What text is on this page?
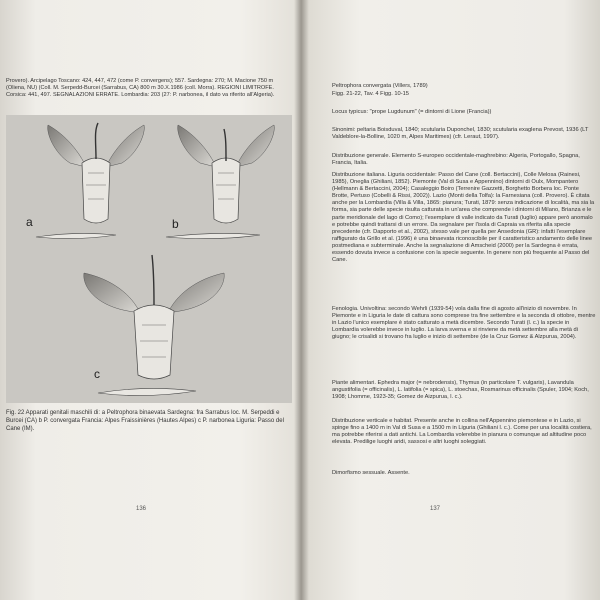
Provero). Arcipelago Toscano: 424, 447, 472 (come P. convergens); 557. Sardegna: 270; M. Macione 750 m (Oliena, NU) (Coll. M. Serpedd-Burcei (Sarrabus, CA) 800 m 30.X.1986 (coll. Morra). REGIONI LIMITROFE. Corsica: 441, 497. SEGNALAZIONI ERRATE. Lombardia: 203 (27: P. narbonea, il dato va riferito all'Algeria).
a	b
c
Fig. 22 Apparati genitali maschili di: a Peltrophora binaevata Sardegna: fra Sarrabus loc. M. Serpeddi e Burcei (CA) b P. convergata Francia: Alpes Fraissinières (Hautes Alpes) c P. narbonea Liguria: Passo del Cane (IM).
136
Peltrophora convergata (Villers, 1789)
Figg. 21-22, Tav. 4 Figg. 10-15
Locus typicus: "prope Lugdunum" (= dintorni di Lione (Francia))
Sinonimi: peltaria Boisduval, 1840; scutularia Duponchel, 1830; scutularia exaglena Prevost, 1936 (LT Valdeblore-la-Bolline, 1020 m, Alpes Maritimes) (cfr. Leraut, 1997).
Distribuzione generale. Elemento S-europeo occidentale-maghrebino: Algeria, Portogallo, Spagna, Francia, Italia.
Distribuzione italiana. Liguria occidentale: Passo del Cane (coll. Bertaccini), Colle Melosa (Rainesi, 1985), Oneglia (Ghiliani, 1852). Piemonte (Val di Susa e Appennino) dintorni di Oulx, Mompantero (Hellmann & Bertaccini, 2004); Casaleggio Boiro (Terrenire Gazzetti, Borghetto Borbera loc. Ponte Brotte, Pertuso (Cobelli & Rissi, 2002)). Lazio (Monti della Tolfa): la Farnesiana (coll. Provero). È citata anche per la Lombardia (Villa & Villa, 1865: pianura; Turati, 1879: senza indicazione di località, ma sia la forma, sia parte delle specie risulta catturata in un'area che comprende i dintorni di Milano, Brianza e le parte meridionale del lago di Como); l'esemplare di valle indicato da Turati (luglio) appare però anomalo e potrebbe quindi trattarsi di un errore. Da segnalare per l'isola di Capraia va riferita alla specie precedente (cfr. Dapporto et al., 2002), stesso vale per quella per Ansedonia (GR): infatti l'esemplare raffigurato da Grillo et al. (1996) è una binaevata riconoscibile per il caratteristico andamento delle linee postmediana e subterminale. Anche la segnalazione di Amscheid (2000) per la Sardegna è errata, essendo dovuta invece a confusione con la specie seguente. In genere non più frequente al Passo del Cane.
Fenologia. Univoltina: secondo Wehrli (1939-54) vola dalla fine di agosto all'inizio di novembre. In Piemonte e in Liguria le date di cattura sono comprese tra fine settembre e la seconda di ottobre, mentre in Lazio l'unico esemplare è stato catturato a metà dicembre. Secondo Turati (l. c.) la specie in Lombardia volerebbe invece in luglio. La larva sverna e si rinviene da metà settembre alla metà di giugno; le crisalidi si trovano fra luglio e inizio di settembre (de la Cruz Gomez & Alzpurua, 2004).
Piante alimentari. Ephedra major (= nebrodensis), Thymus (in particolare T. vulgaris), Lavandula angustifolia (= officinalis), L. latifolia (= spica), L. stoechas, Rosmarinus officinalis (Spuler, 1904; Koch, 1908; Lhomme, 1923-35; Gomez de Aizpurua, l. c.).
Distribuzione verticale e habitat. Presente anche in collina nell'Appennino piemontese e in Lazio, si spinge fino a 1400 m in Val di Susa e a 1500 m in Liguria (Ghiliani l. c.). Come per una località costiera, ma potrebbe riferirsi a dati antichi. La Lombardia volerebbe in pianura o comunque ad altitudine poco elevata. Predilige luoghi aridi, sassosi e altri luoghi soleggiati.
Dimorfismo sessuale. Assente.
137
